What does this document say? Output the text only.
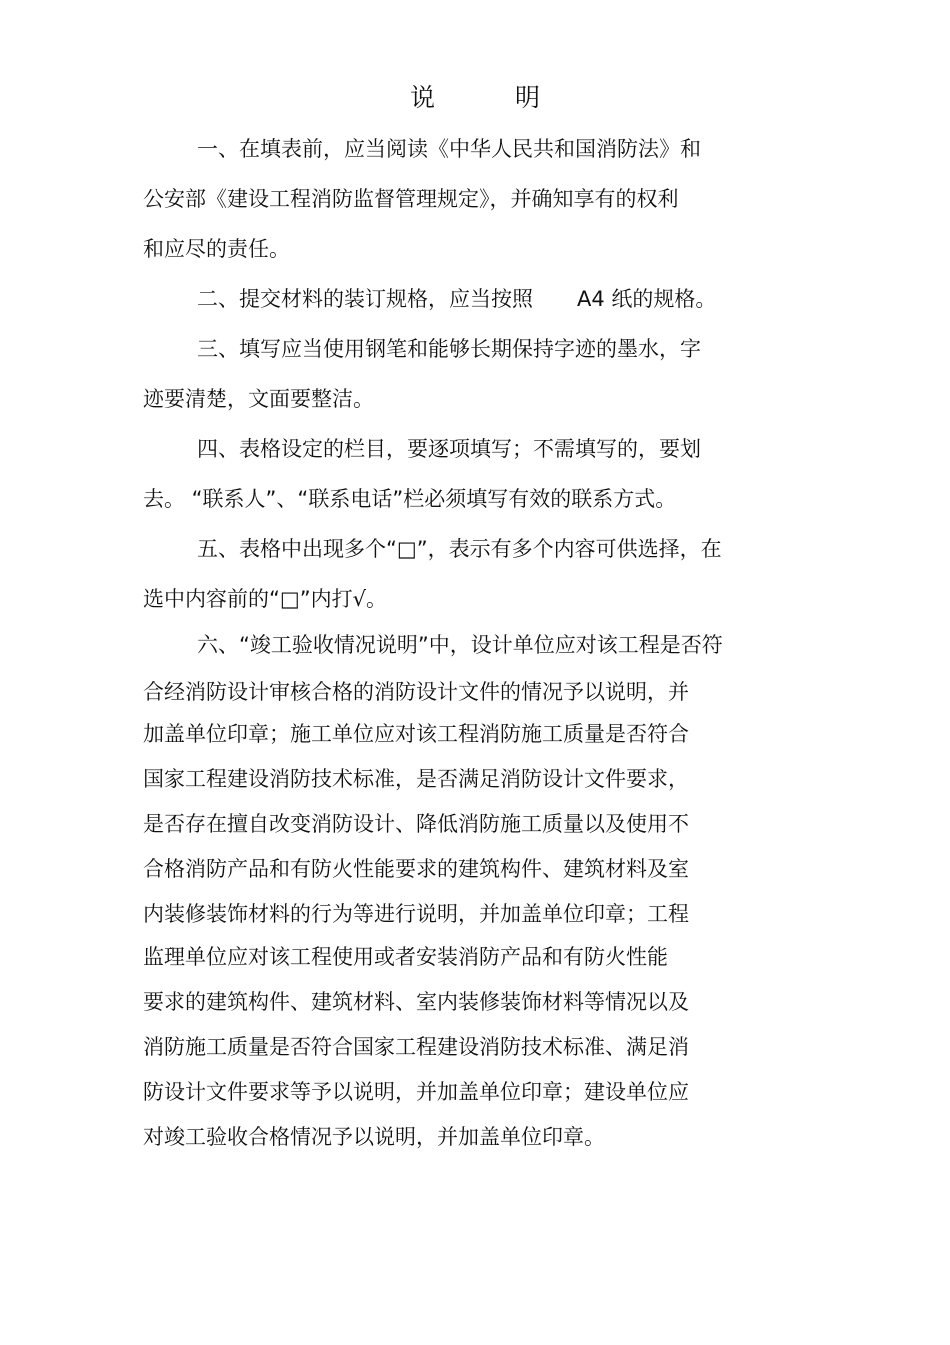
说 明
一、在填表前，应当阅读《中华人民共和国消防法》和
公安部《建设工程消防监督管理规定》，并确知享有的权利
和应尽的责任。
二、提交材料的装订规格，应当按照 A4 纸的规格。
三、填写应当使用钢笔和能够长期保持字迹的墨水，字
迹要清楚，文面要整洁。
四、表格设定的栏目，要逐项填写；不需填写的，要划
去。 “联系人”、“联系电话”栏必须填写有效的联系方式。
五、表格中出现多个“□”，表示有多个内容可供选择，在
选中内容前的“□”内打√。
六、“竣工验收情况说明”中，设计单位应对该工程是否符
合经消防设计审核合格的消防设计文件的情况予以说明，并
加盖单位印章；施工单位应对该工程消防施工质量是否符合
国家工程建设消防技术标准，是否满足消防设计文件要求，
是否存在擅自改变消防设计、降低消防施工质量以及使用不
合格消防产品和有防火性能要求的建筑构件、建筑材料及室
内装修装饰材料的行为等进行说明，并加盖单位印章；工程
监理单位应对该工程使用或者安装消防产品和有防火性能
要求的建筑构件、建筑材料、室内装修装饰材料等情况以及
消防施工质量是否符合国家工程建设消防技术标准、满足消
防设计文件要求等予以说明，并加盖单位印章；建设单位应
对竣工验收合格情况予以说明，并加盖单位印章。
